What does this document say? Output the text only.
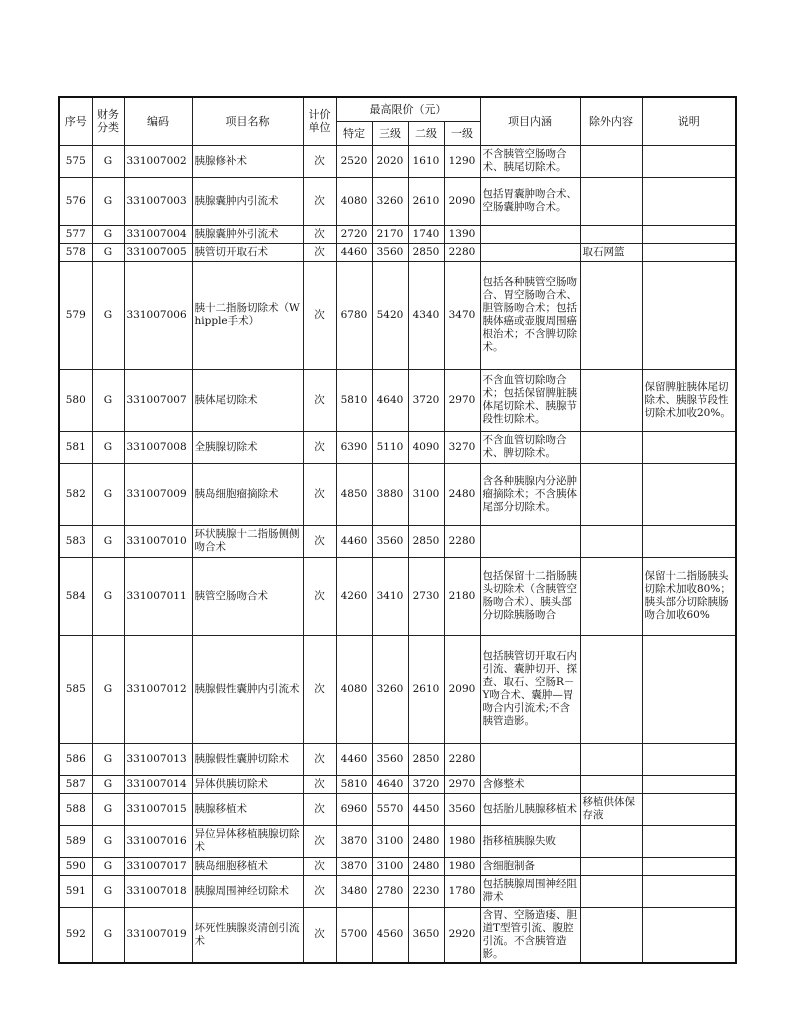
序号	财务分类	编码	项目名称	计价单位	最高限价（元）				项目内涵	除外内容	说明
					特定	三级	二级	一级			
575	G	331007002	胰腺修补术	次	2520	2020	1610	1290	不含胰管空肠吻合术、胰尾切除术。		
576	G	331007003	胰腺囊肿内引流术	次	4080	3260	2610	2090	包括胃囊肿吻合术、空肠囊肿吻合术。		
577	G	331007004	胰腺囊肿外引流术	次	2720	2170	1740	1390			
578	G	331007005	胰管切开取石术	次	4460	3560	2850	2280		取石网篮	
579	G	331007006	胰十二指肠切除术（Whipple手术）	次	6780	5420	4340	3470	包括各种胰管空肠吻合、胃空肠吻合术、胆管肠吻合术；包括胰体癌或壶腹周围癌根治术；不含脾切除术。		
580	G	331007007	胰体尾切除术	次	5810	4640	3720	2970	不含血管切除吻合术；包括保留脾脏胰体尾切除术、胰腺节段性切除术。		保留脾脏胰体尾切除术、胰腺节段性切除术加收20%。
581	G	331007008	全胰腺切除术	次	6390	5110	4090	3270	不含血管切除吻合术、脾切除术。		
582	G	331007009	胰岛细胞瘤摘除术	次	4850	3880	3100	2480	含各种胰腺内分泌肿瘤摘除术；不含胰体尾部分切除术。		
583	G	331007010	环状胰腺十二指肠侧侧吻合术	次	4460	3560	2850	2280			
584	G	331007011	胰管空肠吻合术	次	4260	3410	2730	2180	包括保留十二指肠胰头切除术（含胰管空肠吻合术）、胰头部分切除胰肠吻合		保留十二指肠胰头切除术加收80%；胰头部分切除胰肠吻合加收60%
585	G	331007012	胰腺假性囊肿内引流术	次	4080	3260	2610	2090	包括胰管切开取石内引流、囊肿切开、探查、取石、空肠R－Y吻合术、囊肿—胃吻合内引流术;不含胰管造影。		
586	G	331007013	胰腺假性囊肿切除术	次	4460	3560	2850	2280			
587	G	331007014	异体供胰切除术	次	5810	4640	3720	2970	含修整术		
588	G	331007015	胰腺移植术	次	6960	5570	4450	3560	包括胎儿胰腺移植术	移植供体保存液	
589	G	331007016	异位异体移植胰腺切除术	次	3870	3100	2480	1980	指移植胰腺失败		
590	G	331007017	胰岛细胞移植术	次	3870	3100	2480	1980	含细胞制备		
591	G	331007018	胰腺周围神经切除术	次	3480	2780	2230	1780	包括胰腺周围神经阻滞术		
592	G	331007019	坏死性胰腺炎清创引流术	次	5700	4560	3650	2920	含胃、空肠造瘘、胆道T型管引流、腹腔引流。不含胰管造影。		
